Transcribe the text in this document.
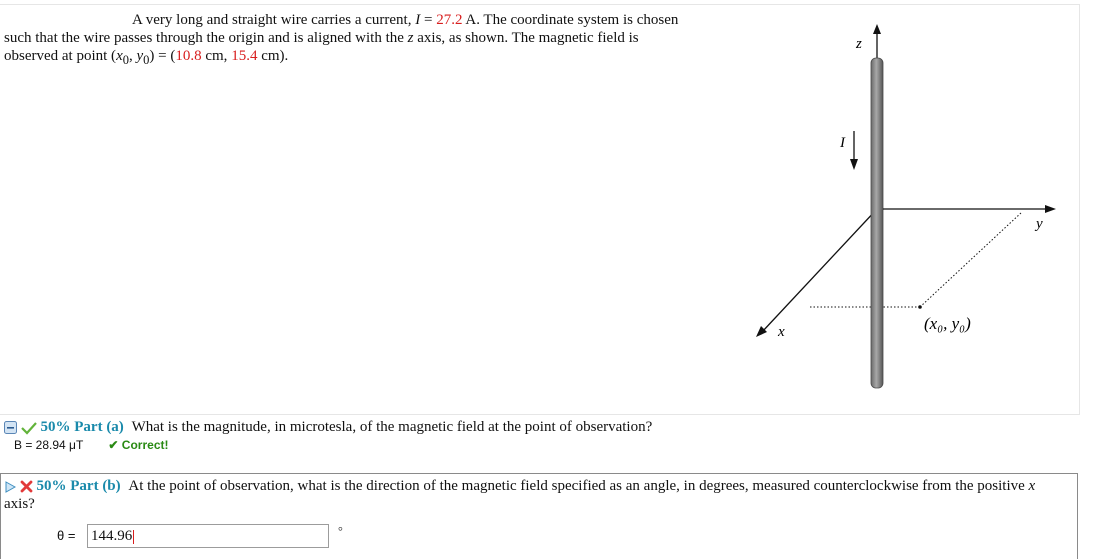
A very long and straight wire carries a current, I = 27.2 A. The coordinate system is chosen such that the wire passes through the origin and is aligned with the z axis, as shown. The magnetic field is observed at point ($x_0$, $y_0) = (10.8$ cm, 15.4 cm).
z
I
x
y
(x₀, y₀)
50% Part (a) What is the magnitude, in microtesla, of the magnetic field at the point of observation?
B = 28.94 μT ✔ Correct!
50% Part (b) At the point of observation, what is the direction of the magnetic field specified as an angle, in degrees, measured counterclockwise from the positive x axis?
θ = 144.96	°
